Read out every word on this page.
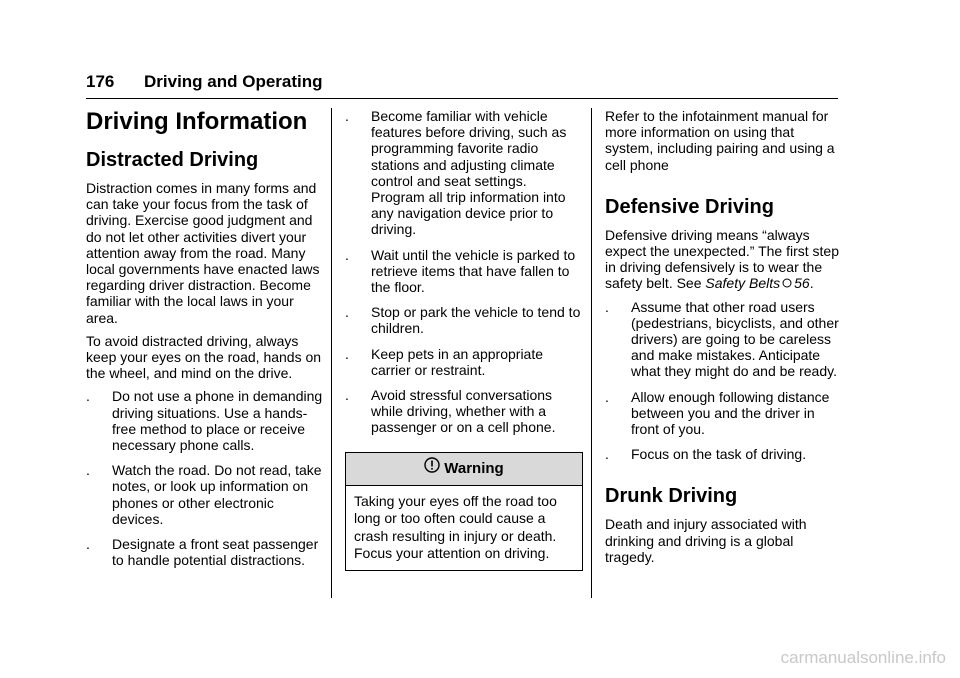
176 Driving and Operating
Driving Information
Distracted Driving

Distraction comes in many forms and can take your focus from the task of driving. Exercise good judgment and do not let other activities divert your attention away from the road. Many local governments have enacted laws regarding driver distraction. Become familiar with the local laws in your area.

To avoid distracted driving, always keep your eyes on the road, hands on the wheel, and mind on the drive.

. Do not use a phone in demanding driving situations. Use a hands-free method to place or receive necessary phone calls.
. Watch the road. Do not read, take notes, or look up information on phones or other electronic devices.
. Designate a front seat passenger to handle potential distractions.
. Become familiar with vehicle features before driving, such as programming favorite radio stations and adjusting climate control and seat settings. Program all trip information into any navigation device prior to driving.
. Wait until the vehicle is parked to retrieve items that have fallen to the floor.
. Stop or park the vehicle to tend to children.
. Keep pets in an appropriate carrier or restraint.
. Avoid stressful conversations while driving, whether with a passenger or on a cell phone.
Warning
Taking your eyes off the road too long or too often could cause a crash resulting in injury or death. Focus your attention on driving.

Refer to the infotainment manual for more information on using that system, including pairing and using a cell phone

Defensive Driving

Defensive driving means “always expect the unexpected.” The first step in driving defensively is to wear the safety belt. See Safety Belts 56.

. Assume that other road users (pedestrians, bicyclists, and other drivers) are going to be careless and make mistakes. Anticipate what they might do and be ready.
. Allow enough following distance between you and the driver in front of you.
. Focus on the task of driving.
Drunk Driving

Death and injury associated with drinking and driving is a global tragedy.

carmanualsonline.info
